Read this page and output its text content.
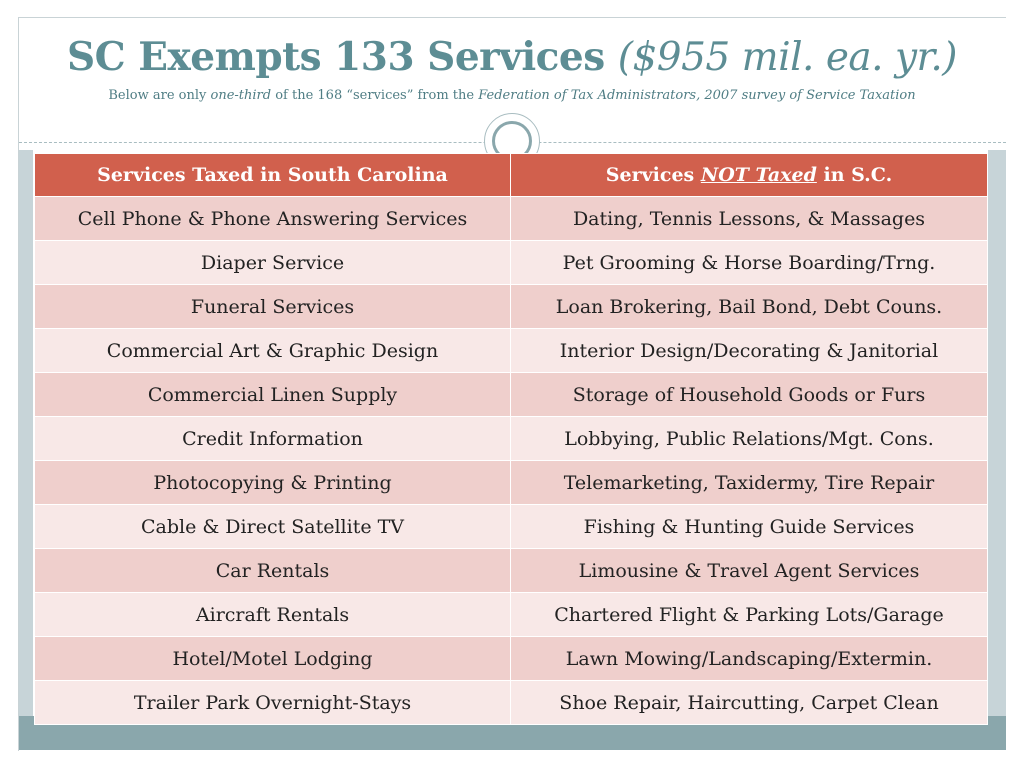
SC Exempts 133 Services ($955 mil. ea. yr.)
Below are only one-third of the 168 “services” from the Federation of Tax Administrators, 2007 survey of Service Taxation
Services Taxed in South Carolina	Services NOT Taxed in S.C.
Cell Phone & Phone Answering Services	Dating, Tennis Lessons, & Massages
Diaper Service	Pet Grooming & Horse Boarding/Trng.
Funeral Services	Loan Brokering, Bail Bond, Debt Couns.
Commercial Art & Graphic Design	Interior Design/Decorating & Janitorial
Commercial Linen Supply	Storage of Household Goods or Furs
Credit Information	Lobbying, Public Relations/Mgt. Cons.
Photocopying & Printing	Telemarketing, Taxidermy, Tire Repair
Cable & Direct Satellite TV	Fishing & Hunting Guide Services
Car Rentals	Limousine & Travel Agent Services
Aircraft Rentals	Chartered Flight & Parking Lots/Garage
Hotel/Motel Lodging	Lawn Mowing/Landscaping/Extermin.
Trailer Park Overnight-Stays	Shoe Repair, Haircutting, Carpet Clean
